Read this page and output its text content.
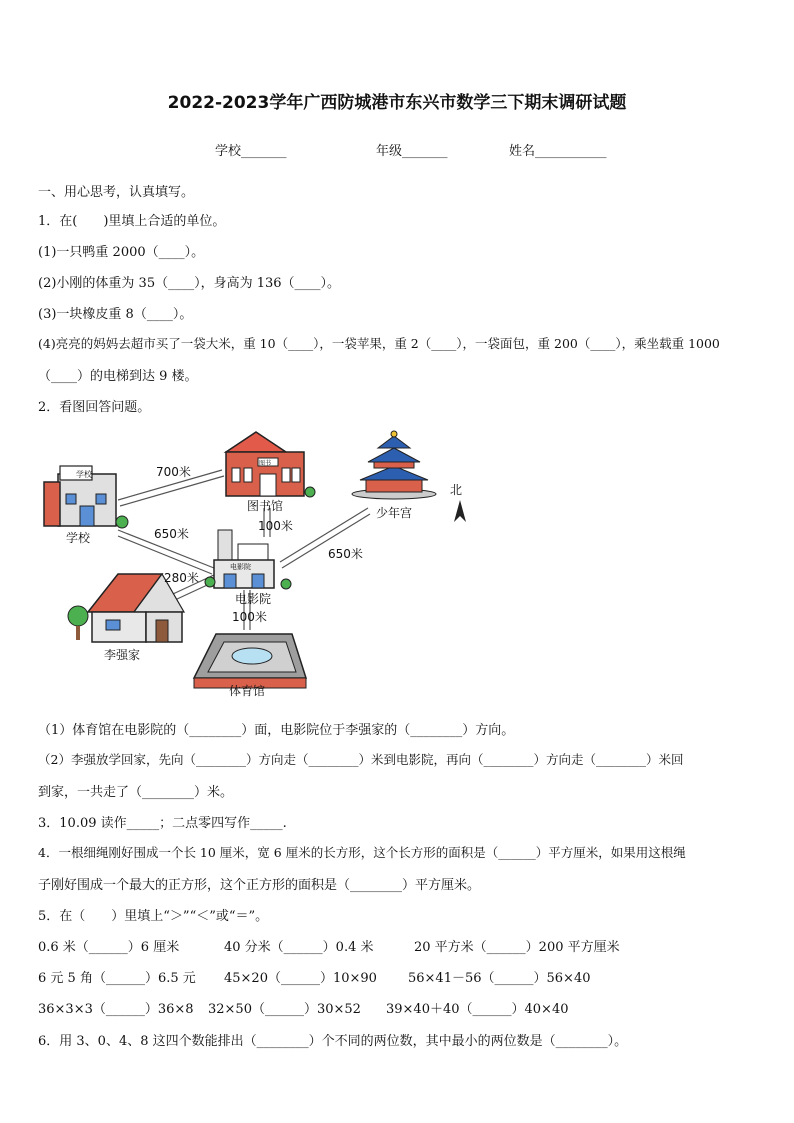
2022-2023学年广西防城港市东兴市数学三下期末调研试题
学校_______	年级_______	姓名___________
一、用心思考，认真填写。
1．在(　　)里填上合适的单位。
(1)一只鸭重 2000（____）。
(2)小刚的体重为 35（____），身高为 136（____）。
(3)一块橡皮重 8（____）。
(4)亮亮的妈妈去超市买了一袋大米，重 10（____），一袋苹果，重 2（____），一袋面包，重 200（____），乘坐载重 1000
（____）的电梯到达 9 楼。
2．看图回答问题。
学校
学校
图书
图书馆	少年宫
北
电影院
电影院
李强家
体育馆
700米
650米
100米
650米
280米
100米
（1）体育馆在电影院的（________）面，电影院位于李强家的（________）方向。
（2）李强放学回家，先向（________）方向走（________）米到电影院，再向（________）方向走（________）米回
到家，一共走了（________）米。
3．10.09 读作_____；二点零四写作_____.
4．一根细绳刚好围成一个长 10 厘米，宽 6 厘米的长方形，这个长方形的面积是（______）平方厘米，如果用这根绳
子刚好围成一个最大的正方形，这个正方形的面积是（________）平方厘米。
5．在（　　）里填上“＞”“＜”或“＝”。
0.6 米（______）6 厘米	40 分米（______）0.4 米	20 平方米（______）200 平方厘米
6 元 5 角（______）6.5 元 45×20（______）10×90 56×41－56（______）56×40
36×3×3（______）36×8 32×50（______）30×52 39×40＋40（______）40×40
6．用 3、0、4、8 这四个数能排出（________）个不同的两位数，其中最小的两位数是（________）。
